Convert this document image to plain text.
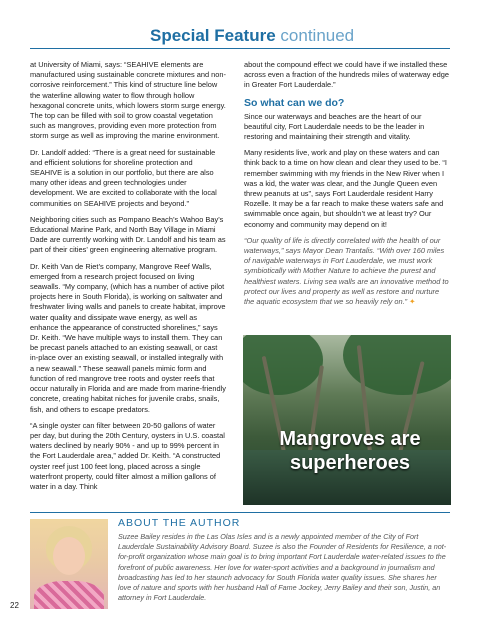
Special Feature continued

at University of Miami, says: “SEAHIVE elements are manufactured using sustainable concrete mixtures and non-corrosive reinforcement.” This kind of structure line below the waterline allowing water to flow through hollow hexagonal concrete units, which lowers storm surge energy. The top can be filled with soil to grow coastal vegetation such as mangroves, providing even more protection from storm surge as well as improving the marine environment.

Dr. Landolf added: “There is a great need for sustainable and efficient solutions for shoreline protection and SEAHIVE is a solution in our portfolio, but there are also many other ideas and green technologies under development. We are excited to collaborate with the local communities on SEAHIVE projects and beyond.”

Neighboring cities such as Pompano Beach’s Wahoo Bay’s Educational Marine Park, and North Bay Village in Miami Dade are currently working with Dr. Landolf and his team as part of their cities’ green engineering alternative program.

Dr. Keith Van de Riet’s company, Mangrove Reef Walls, emerged from a research project focused on living seawalls. “My company, (which has a number of active pilot projects here in South Florida), is working on saltwater and freshwater living walls and panels to create habitat, improve water quality and dissipate wave energy, as well as enhance the appearance of constructed shorelines,” says Dr. Keith. “We have multiple ways to install them. They can be precast panels attached to an existing seawall, or cast in-place over an existing seawall, or installed integrally with a new seawall.” These seawall panels mimic form and function of red mangrove tree roots and oyster reefs that occur naturally in Florida and are made from marine-friendly concrete, creating habitat niches for juvenile crabs, snails, fish, and others to escape predators.

“A single oyster can filter between 20-50 gallons of water per day, but during the 20th Century, oysters in U.S. coastal waters declined by nearly 90% - and up to 99% percent in the Fort Lauderdale area,” added Dr. Keith. “A constructed oyster reef just 100 feet long, placed across a single waterfront property, could filter almost a million gallons of water in a day. Think

about the compound effect we could have if we installed these across even a fraction of the hundreds miles of waterway edge in Greater Fort Lauderdale.”

So what can we do?

Since our waterways and beaches are the heart of our beautiful city, Fort Lauderdale needs to be the leader in restoring and maintaining their strength and vitality.

Many residents live, work and play on these waters and can think back to a time on how clean and clear they used to be. “I remember swimming with my friends in the New River when I was a kid, the water was clear, and the Jungle Queen even threw peanuts at us”, says Fort Lauderdale resident Harry Rozelle. It may be a far reach to make these waters safe and swimmable once again, but shouldn’t we at least try? Our economy and community may depend on it!

“Our quality of life is directly correlated with the health of our waterways,” says Mayor Dean Trantalis. “With over 160 miles of navigable waterways in Fort Lauderdale, we must work symbiotically with Mother Nature to achieve the purest and healthiest waters. Living sea walls are an innovative method to protect our lives and property as well as restore and nurture the aquatic ecosystem that we so heavily rely on.” ✦

Mangroves are
superheroes
ABOUT THE AUTHOR
Suzee Bailey resides in the Las Olas Isles and is a newly appointed member of the City of Fort Lauderdale Sustainability Advisory Board. Suzee is also the Founder of Residents for Resilience, a not-for-profit organization whose main goal is to bring important Fort Lauderdale water-related issues to the forefront of public awareness. Her love for water-sport activities and a background in journalism and broadcasting has led to her staunch advocacy for South Florida water quality issues. She shares her love of nature and sports with her husband Hall of Fame Jockey, Jerry Bailey and their son, Justin, an attorney in Fort Lauderdale.
22
